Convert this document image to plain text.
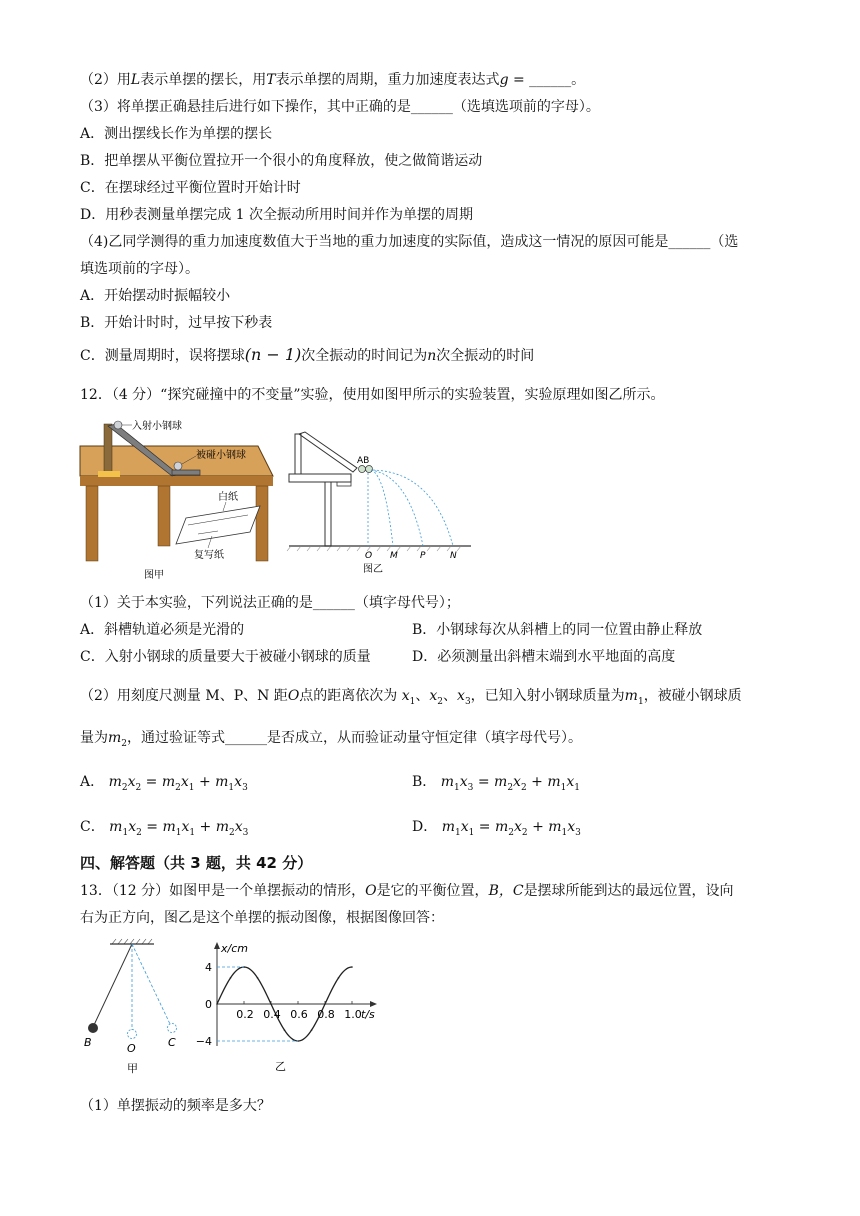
（2）用L表示单摆的摆长，用T表示单摆的周期，重力加速度表达式g = ______。
（3）将单摆正确悬挂后进行如下操作，其中正确的是______（选填选项前的字母）。
A．测出摆线长作为单摆的摆长
B．把单摆从平衡位置拉开一个很小的角度释放，使之做简谐运动
C．在摆球经过平衡位置时开始计时
D．用秒表测量单摆完成 1 次全振动所用时间并作为单摆的周期
（4)乙同学测得的重力加速度数值大于当地的重力加速度的实际值，造成这一情况的原因可能是______（选
填选项前的字母）。
A．开始摆动时振幅较小
B．开始计时时，过早按下秒表
C．测量周期时，误将摆球(n − 1)次全振动的时间记为n次全振动的时间
12．（4 分）“探究碰撞中的不变量”实验，使用如图甲所示的实验装置，实验原理如图乙所示。
入射小钢球
被碰小钢球
白纸
复写纸
图甲
AB
O M P	N
图乙
（1）关于本实验，下列说法正确的是______（填字母代号）；
A．斜槽轨道必须是光滑的	B．小钢球每次从斜槽上的同一位置由静止释放
C．入射小钢球的质量要大于被碰小钢球的质量	D．必须测量出斜槽末端到水平地面的高度
（2）用刻度尺测量 M、P、N 距O点的距离依次为 $x_1$、$x_2$、$x_3$，已知入射小钢球质量为$m_1$，被碰小钢球质
量为$m_2$，通过验证等式______是否成立，从而验证动量守恒定律（填字母代号）。
A． $m_2x_2 = m_2x_1 + m_1x_3$	B． $m_1x_3 = m_2x_2 + m_1x_1$
C． $m_1x_2 = m_1x_1 + m_2x_3$	D． $m_1x_1 = m_2x_2 + m_1x_3$
四、解答题（共 3 题，共 42 分）
13．（12 分）如图甲是一个单摆振动的情形，O是它的平衡位置，B，C是摆球所能到达的最远位置，设向
右为正方向，图乙是这个单摆的振动图像，根据图像回答：
B	O	C
甲
x/cm
t/s
4
0
−4
0.2 0.4 0.6 0.8 1.0
乙
（1）单摆振动的频率是多大？
